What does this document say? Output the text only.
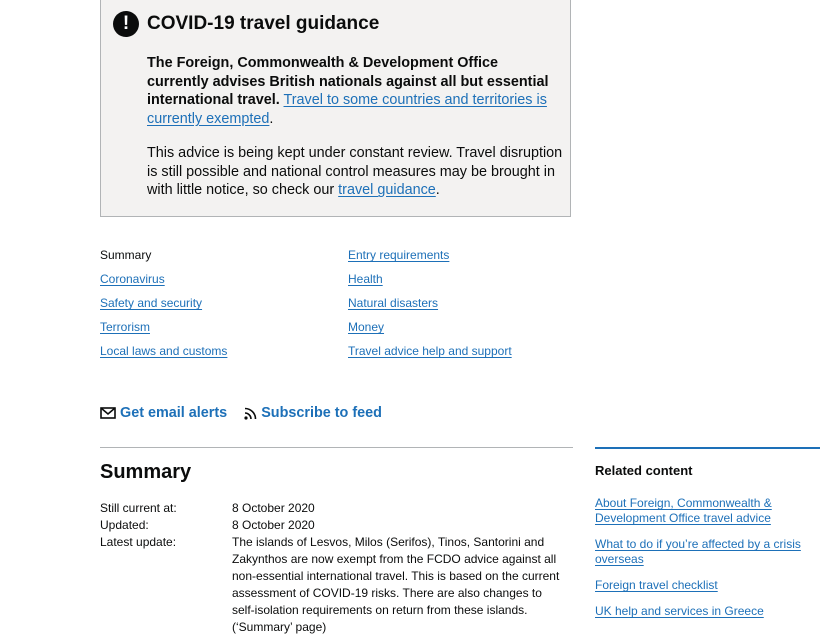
! COVID-19 travel guidance

The Foreign, Commonwealth & Development Office currently advises British nationals against all but essential international travel. Travel to some countries and territories is currently exempted.

This advice is being kept under constant review. Travel disruption is still possible and national control measures may be brought in with little notice, so check our travel guidance.

Summary
Coronavirus
Safety and security
Terrorism
Local laws and customs
Entry requirements
Health
Natural disasters
Money
Travel advice help and support
Get email alerts Subscribe to feed
Summary
Still current at:	8 October 2020
Updated:	8 October 2020
Latest update:	The islands of Lesvos, Milos (Serifos), Tinos, Santorini and Zakynthos are now exempt from the FCDO advice against all non-essential international travel. This is based on the current assessment of COVID-19 risks. There are also changes to self-isolation requirements on return from these islands. (‘Summary’ page)
Related content
About Foreign, Commonwealth & Development Office travel advice
What to do if you’re affected by a crisis overseas
Foreign travel checklist
UK help and services in Greece
